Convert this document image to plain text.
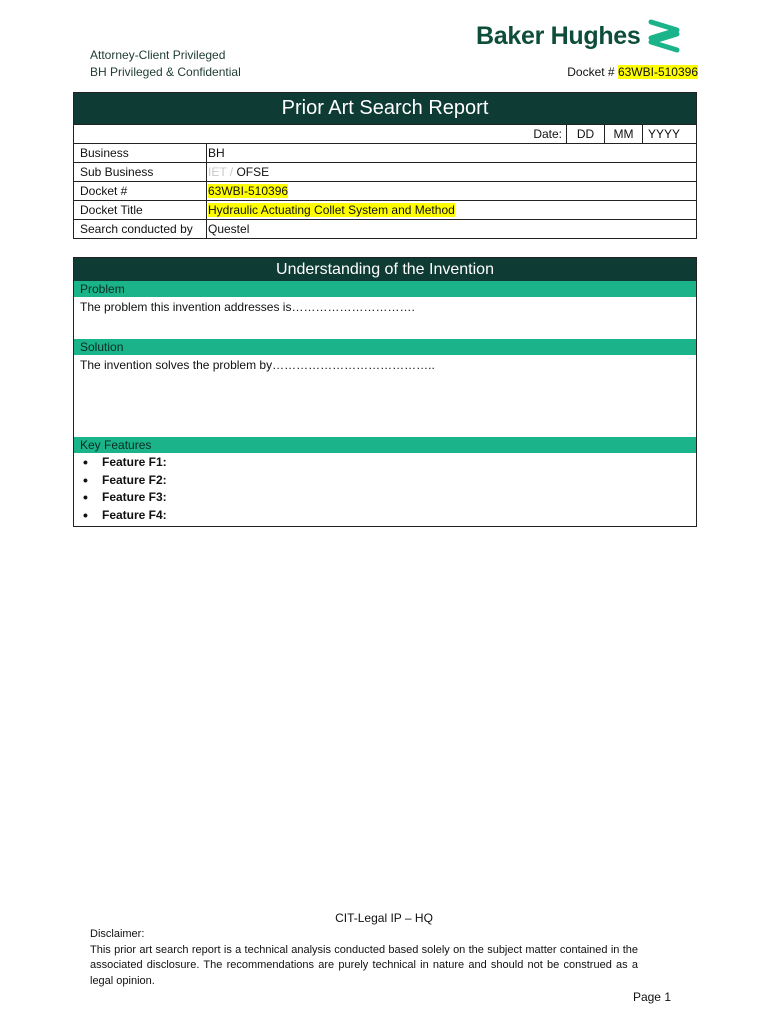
Attorney-Client Privileged
BH Privileged & Confidential
Baker Hughes
Docket # 63WBI-510396
Prior Art Search Report				
Date:		DD	MM	YYYY
Business	BH			
Sub Business	IET / OFSE			
Docket #	63WBI-510396			
Docket Title	Hydraulic Actuating Collet System and Method			
Search conducted by	Questel			
Understanding of the Invention
Problem
The problem this invention addresses is………………………….
Solution
The invention solves the problem by…………………………………..
Key Features
•	Feature F1:
•	Feature F2:
•	Feature F3:
•	Feature F4:
CIT-Legal IP – HQ
Disclaimer:
This prior art search report is a technical analysis conducted based solely on the subject matter contained in the associated disclosure. The recommendations are purely technical in nature and should not be construed as a legal opinion.
Page 1
